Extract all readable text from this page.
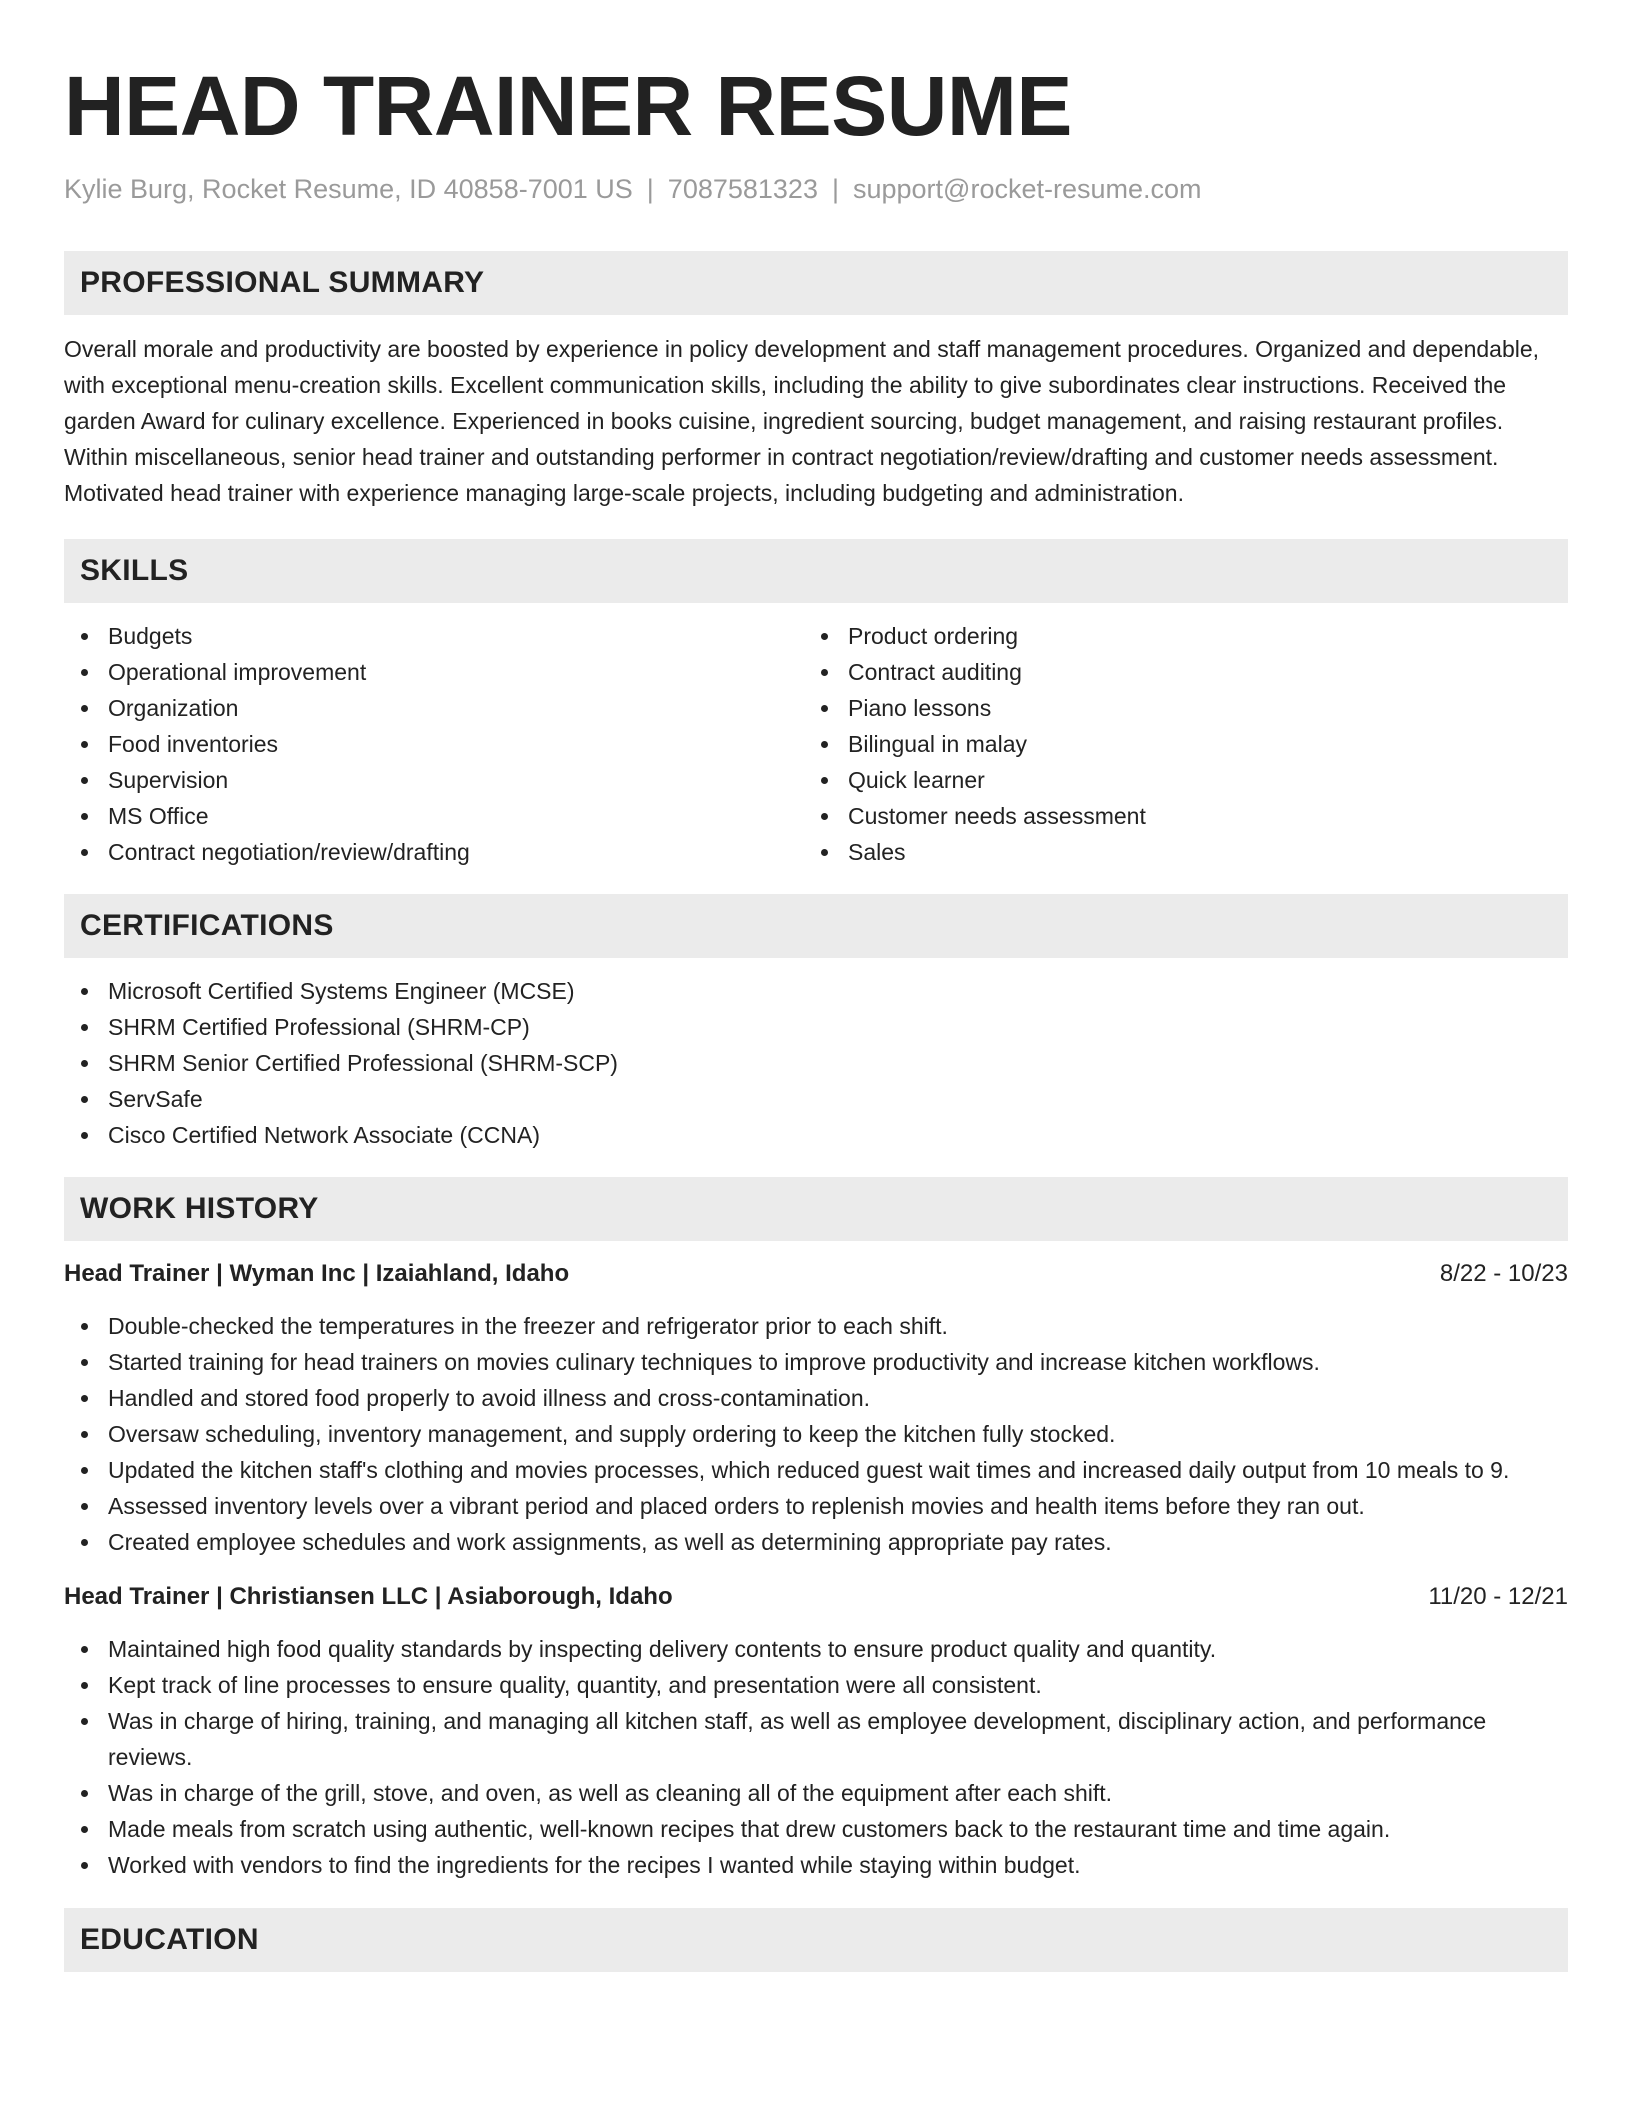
HEAD TRAINER RESUME
Kylie Burg, Rocket Resume, ID 40858-7001 US | 7087581323 | support@rocket-resume.com
PROFESSIONAL SUMMARY

Overall morale and productivity are boosted by experience in policy development and staff management procedures. Organized and dependable, with exceptional menu-creation skills. Excellent communication skills, including the ability to give subordinates clear instructions. Received the garden Award for culinary excellence. Experienced in books cuisine, ingredient sourcing, budget management, and raising restaurant profiles. Within miscellaneous, senior head trainer and outstanding performer in contract negotiation/review/drafting and customer needs assessment. Motivated head trainer with experience managing large-scale projects, including budgeting and administration.

SKILLS
Budgets
Operational improvement
Organization
Food inventories
Supervision
MS Office
Contract negotiation/review/drafting
Product ordering
Contract auditing
Piano lessons
Bilingual in malay
Quick learner
Customer needs assessment
Sales
CERTIFICATIONS
Microsoft Certified Systems Engineer (MCSE)
SHRM Certified Professional (SHRM-CP)
SHRM Senior Certified Professional (SHRM-SCP)
ServSafe
Cisco Certified Network Associate (CCNA)
WORK HISTORY
Head Trainer | Wyman Inc | Izaiahland, Idaho	8/22 - 10/23
Double-checked the temperatures in the freezer and refrigerator prior to each shift.
Started training for head trainers on movies culinary techniques to improve productivity and increase kitchen workflows.
Handled and stored food properly to avoid illness and cross-contamination.
Oversaw scheduling, inventory management, and supply ordering to keep the kitchen fully stocked.
Updated the kitchen staff's clothing and movies processes, which reduced guest wait times and increased daily output from 10 meals to 9.
Assessed inventory levels over a vibrant period and placed orders to replenish movies and health items before they ran out.
Created employee schedules and work assignments, as well as determining appropriate pay rates.
Head Trainer | Christiansen LLC | Asiaborough, Idaho	11/20 - 12/21
Maintained high food quality standards by inspecting delivery contents to ensure product quality and quantity.
Kept track of line processes to ensure quality, quantity, and presentation were all consistent.
Was in charge of hiring, training, and managing all kitchen staff, as well as employee development, disciplinary action, and performance reviews.
Was in charge of the grill, stove, and oven, as well as cleaning all of the equipment after each shift.
Made meals from scratch using authentic, well-known recipes that drew customers back to the restaurant time and time again.
Worked with vendors to find the ingredients for the recipes I wanted while staying within budget.
EDUCATION
